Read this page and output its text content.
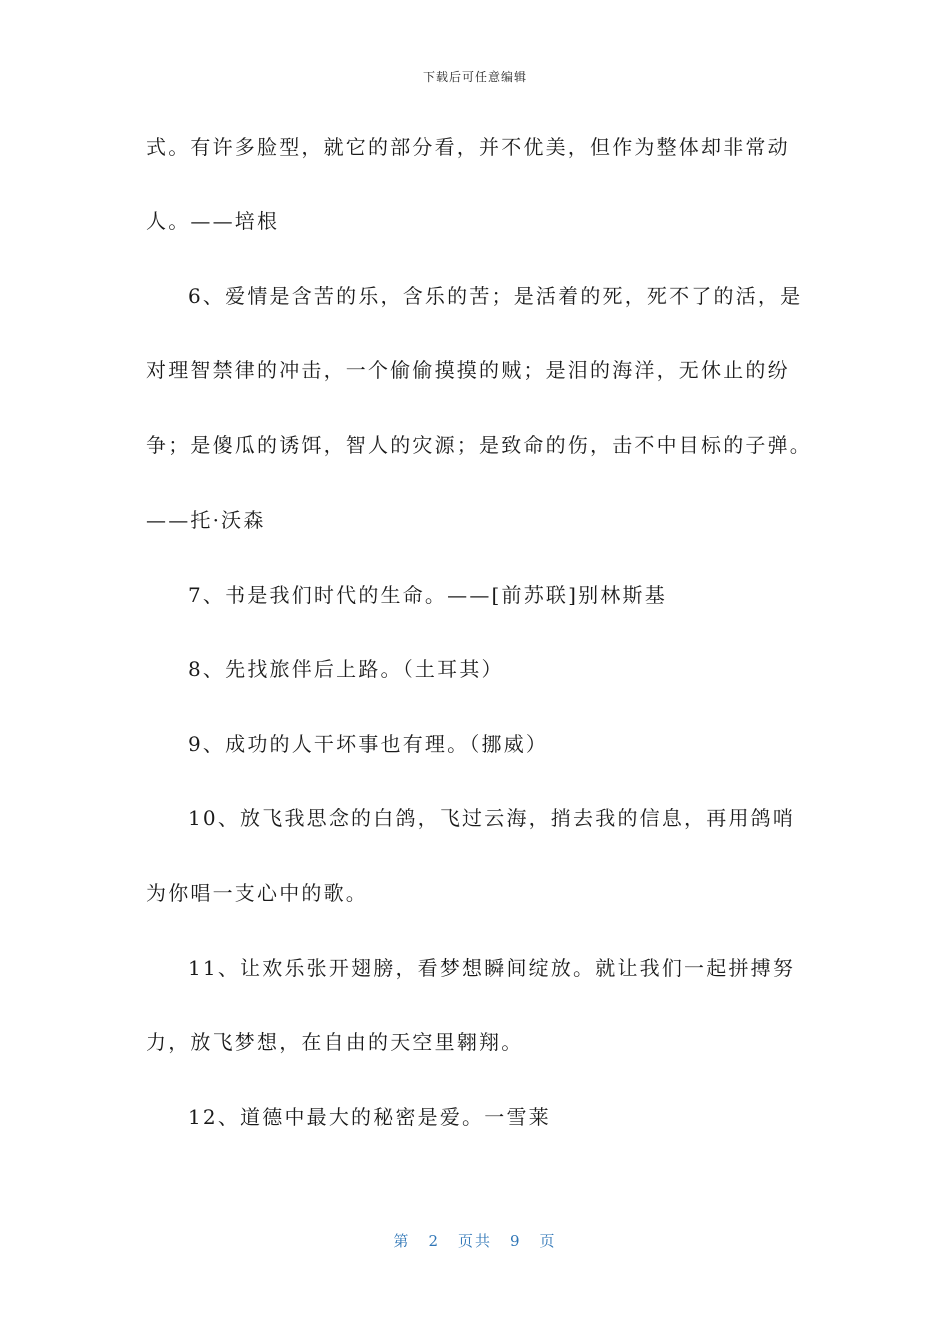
下载后可任意编辑
式。有许多脸型，就它的部分看，并不优美，但作为整体却非常动
人。——培根
6、爱情是含苦的乐，含乐的苦；是活着的死，死不了的活，是
对理智禁律的冲击，一个偷偷摸摸的贼；是泪的海洋，无休止的纷
争；是傻瓜的诱饵，智人的灾源；是致命的伤，击不中目标的子弹。
——托·沃森
7、书是我们时代的生命。——[前苏联]别林斯基
8、先找旅伴后上路。（土耳其）
9、成功的人干坏事也有理。（挪威）
10、放飞我思念的白鸽，飞过云海，捎去我的信息，再用鸽哨
为你唱一支心中的歌。
11、让欢乐张开翅膀，看梦想瞬间绽放。就让我们一起拼搏努
力，放飞梦想，在自由的天空里翱翔。
12、道德中最大的秘密是爱。一雪莱
第 2 页共 9 页
